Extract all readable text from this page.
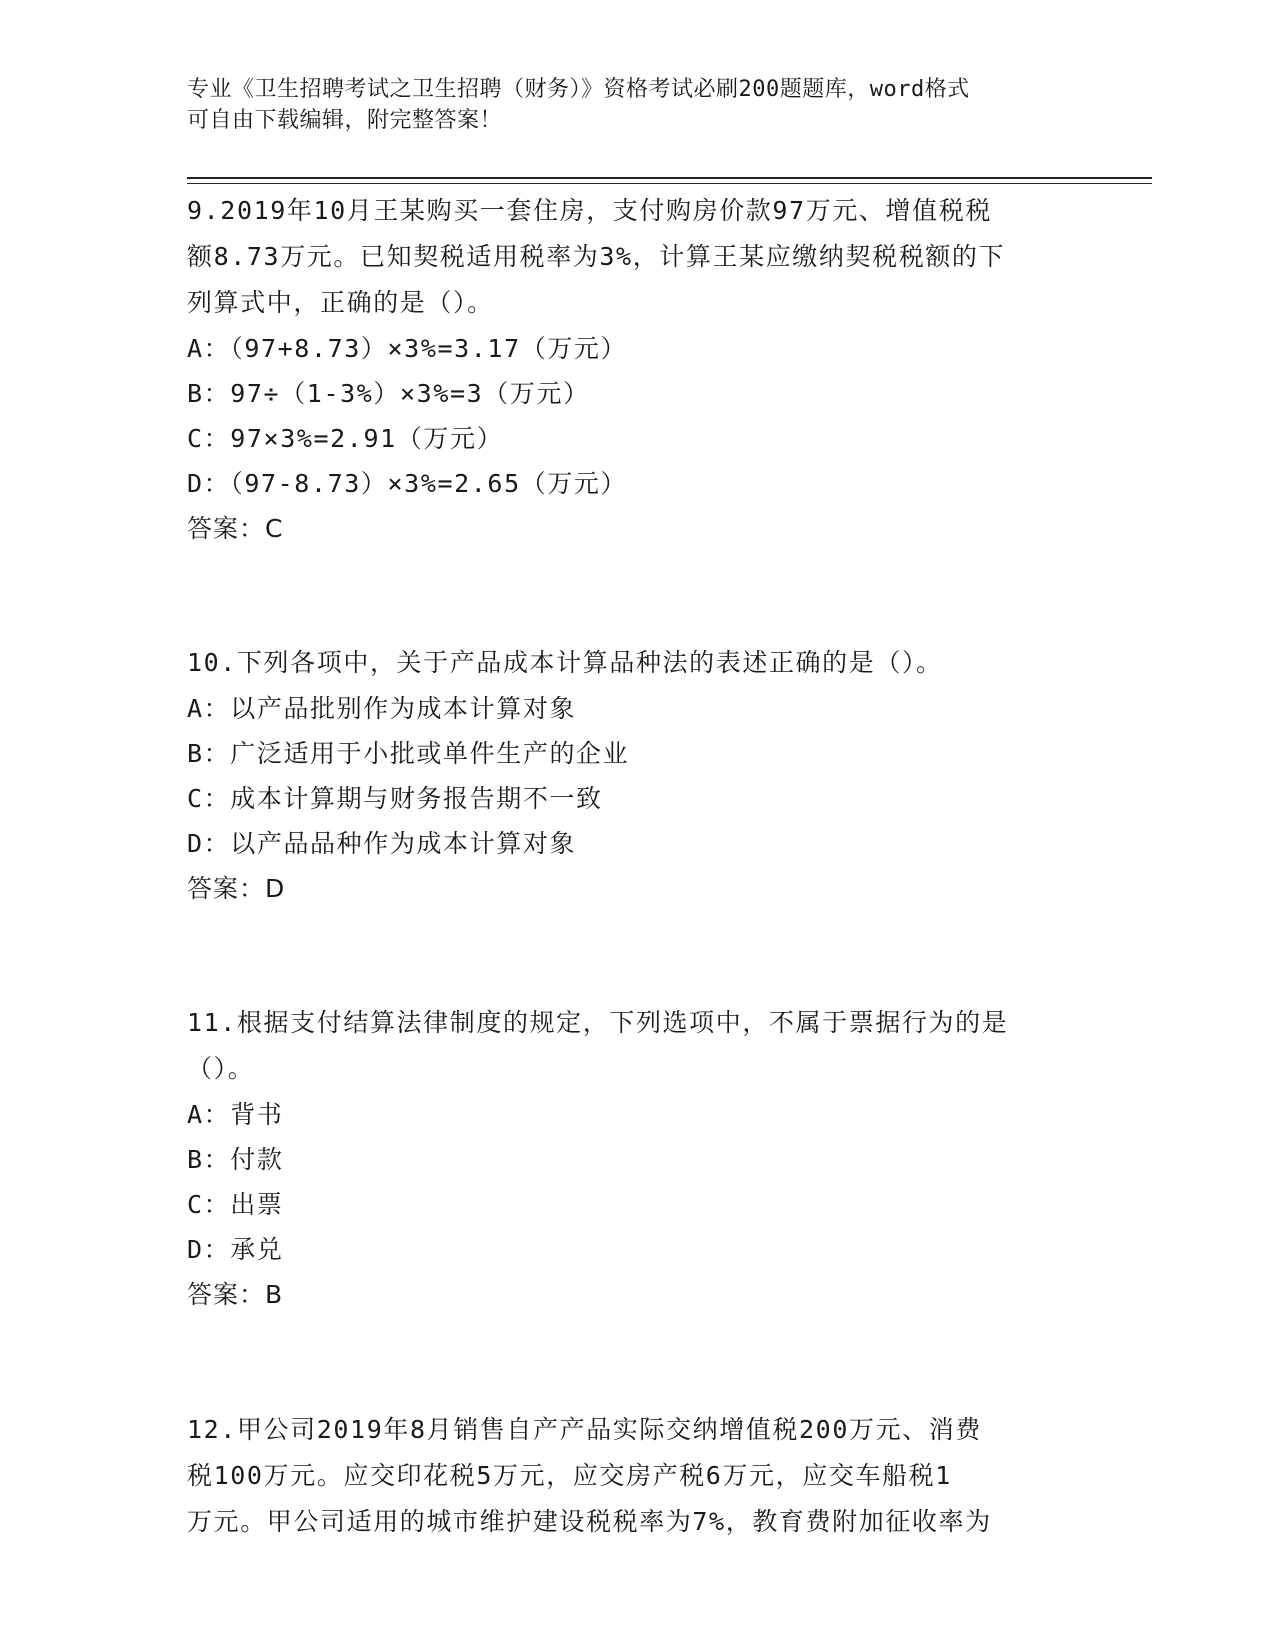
专业《卫生招聘考试之卫生招聘（财务）》资格考试必刷200题题库，word格式
可自由下载编辑，附完整答案！
9.2019年10月王某购买一套住房，支付购房价款97万元、增值税税
额8.73万元。已知契税适用税率为3%，计算王某应缴纳契税税额的下
列算式中，正确的是（）。
A：（97+8.73）×3%=3.17（万元）
B：97÷（1-3%）×3%=3（万元）
C：97×3%=2.91（万元）
D：（97-8.73）×3%=2.65（万元）
答案：C
10.下列各项中，关于产品成本计算品种法的表述正确的是（）。
A：以产品批别作为成本计算对象
B：广泛适用于小批或单件生产的企业
C：成本计算期与财务报告期不一致
D：以产品品种作为成本计算对象
答案：D
11.根据支付结算法律制度的规定，下列选项中，不属于票据行为的是
（）。
A：背书
B：付款
C：出票
D：承兑
答案：B
12.甲公司2019年8月销售自产产品实际交纳增值税200万元、消费
税100万元。应交印花税5万元，应交房产税6万元，应交车船税1
万元。甲公司适用的城市维护建设税税率为7%，教育费附加征收率为
